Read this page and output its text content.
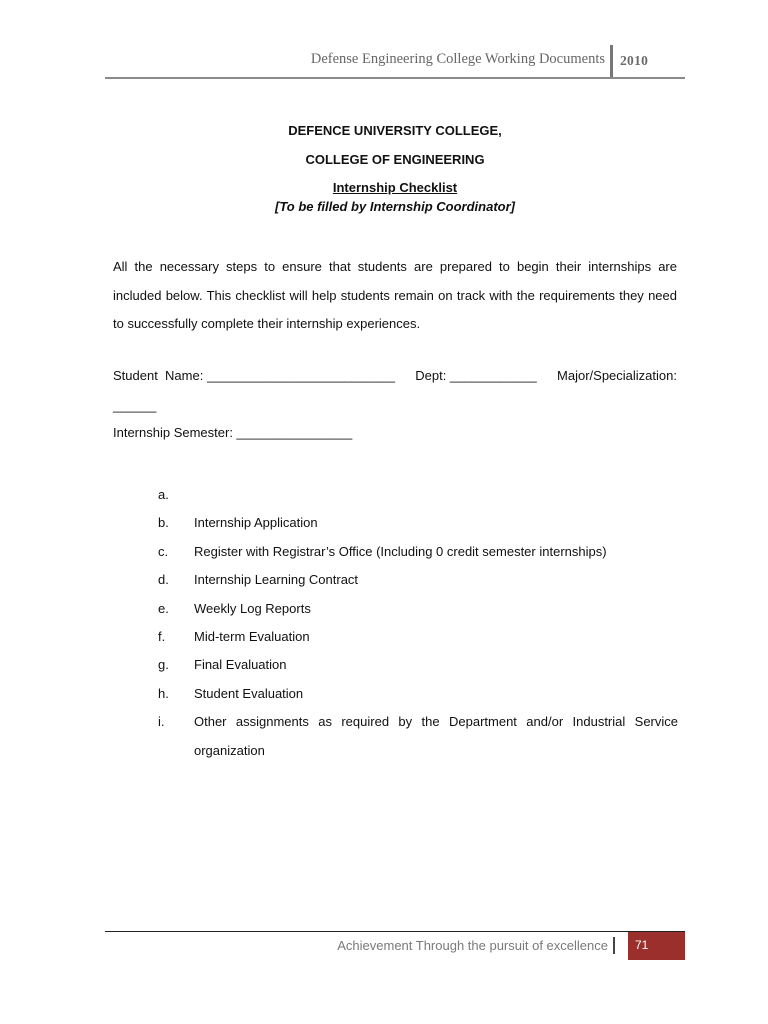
Defense Engineering College Working Documents 2010
DEFENCE UNIVERSITY COLLEGE,
COLLEGE OF ENGINEERING
Internship Checklist
[To be filled by Internship Coordinator]
All the necessary steps to ensure that students are prepared to begin their internships are included below. This checklist will help students remain on track with the requirements they need to successfully complete their internship experiences.
Student  Name: __________________________ Dept: ____________ Major/Specialization:
______
Internship Semester: ________________
a.
b.	Internship Application
c.	Register with Registrar’s Office (Including 0 credit semester internships)
d.	Internship Learning Contract
e.	Weekly Log Reports
f.	Mid-term Evaluation
g.	Final Evaluation
h.	Student Evaluation
i.	Other assignments as required by the Department and/or Industrial Service organization
Achievement Through the pursuit of excellence 71
